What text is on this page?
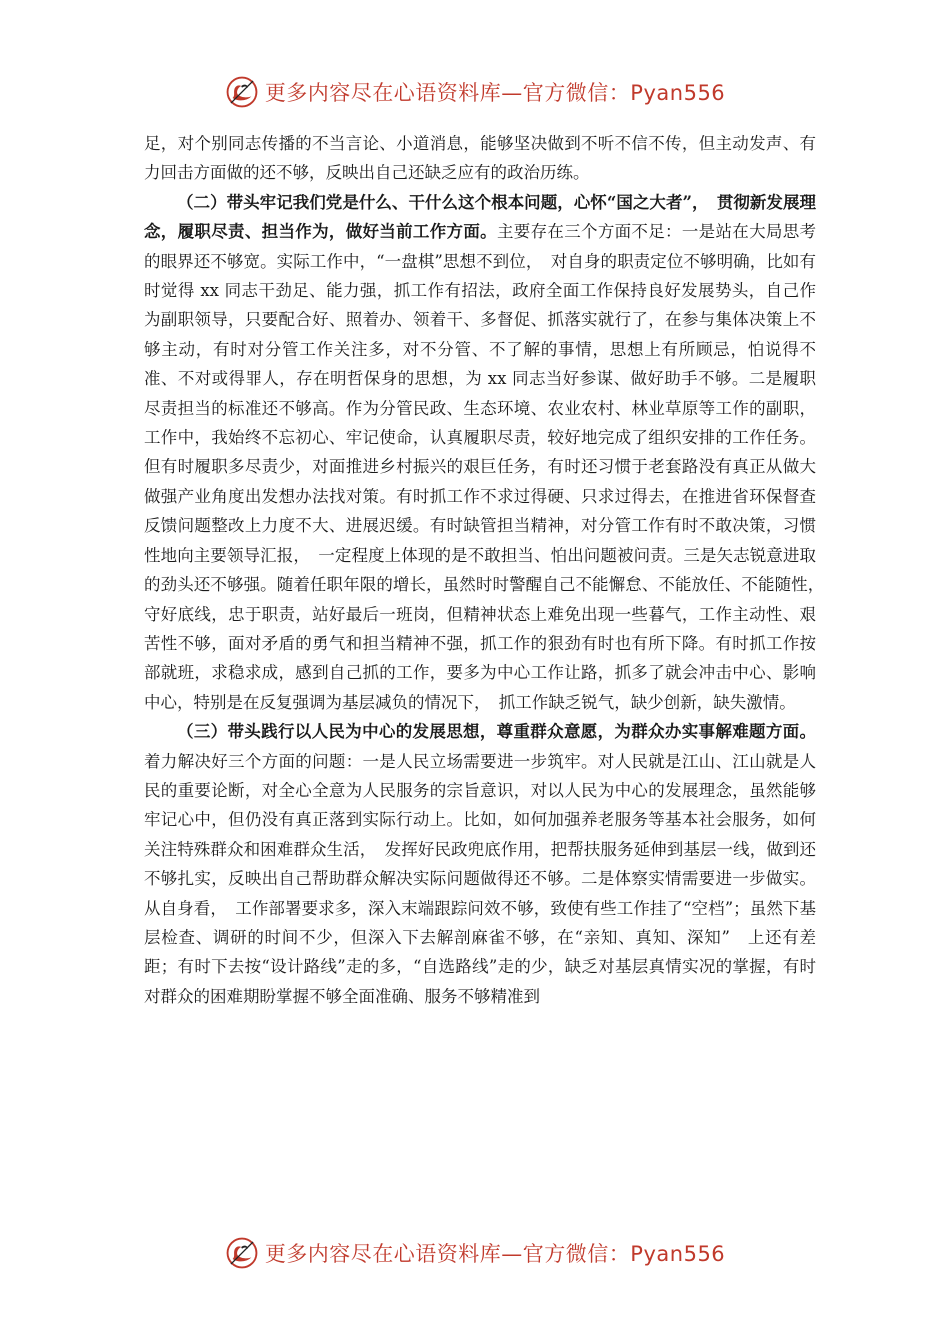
更多内容尽在心语资料库—官方微信：Pyan556

足，对个别同志传播的不当言论、小道消息，能够坚决做到不听不信不传，但主动发声、有力回击方面做的还不够，反映出自己还缺乏应有的政治历练。

（二）带头牢记我们党是什么、干什么这个根本问题，心怀“国之大者”，　贯彻新发展理念，履职尽责、担当作为，做好当前工作方面。主要存在三个方面不足：一是站在大局思考的眼界还不够宽。实际工作中，“一盘棋”思想不到位，　对自身的职责定位不够明确，比如有时觉得 xx 同志干劲足、能力强，抓工作有招法，政府全面工作保持良好发展势头，自己作为副职领导，只要配合好、照着办、领着干、多督促、抓落实就行了，在参与集体决策上不够主动，有时对分管工作关注多，对不分管、不了解的事情，思想上有所顾忌，怕说得不准、不对或得罪人，存在明哲保身的思想，为 xx 同志当好参谋、做好助手不够。二是履职尽责担当的标准还不够高。作为分管民政、生态环境、农业农村、林业草原等工作的副职，工作中，我始终不忘初心、牢记使命，认真履职尽责，较好地完成了组织安排的工作任务。但有时履职多尽责少，对面推进乡村振兴的艰巨任务，有时还习惯于老套路没有真正从做大做强产业角度出发想办法找对策。有时抓工作不求过得硬、只求过得去，在推进省环保督查反馈问题整改上力度不大、进展迟缓。有时缺管担当精神，对分管工作有时不敢决策，习惯性地向主要领导汇报，　一定程度上体现的是不敢担当、怕出问题被问责。三是矢志锐意进取的劲头还不够强。随着任职年限的增长，虽然时时警醒自己不能懈怠、不能放任、不能随性，　守好底线，忠于职责，站好最后一班岗，但精神状态上难免出现一些暮气，工作主动性、艰苦性不够，面对矛盾的勇气和担当精神不强，抓工作的狠劲有时也有所下降。有时抓工作按部就班，求稳求成，感到自己抓的工作，要多为中心工作让路，抓多了就会冲击中心、影响中心，特别是在反复强调为基层减负的情况下，　抓工作缺乏锐气，缺少创新，缺失激情。

（三）带头践行以人民为中心的发展思想，尊重群众意愿，为群众办实事解难题方面。着力解决好三个方面的问题：一是人民立场需要进一步筑牢。对人民就是江山、江山就是人民的重要论断，对全心全意为人民服务的宗旨意识，对以人民为中心的发展理念，虽然能够牢记心中，但仍没有真正落到实际行动上。比如，如何加强养老服务等基本社会服务，如何关注特殊群众和困难群众生活，　发挥好民政兜底作用，把帮扶服务延伸到基层一线，做到还不够扎实，反映出自己帮助群众解决实际问题做得还不够。二是体察实情需要进一步做实。从自身看，　工作部署要求多，深入末端跟踪问效不够，致使有些工作挂了“空档”；虽然下基层检查、调研的时间不少，但深入下去解剖麻雀不够，在“亲知、真知、深知”　上还有差距；有时下去按“设计路线”走的多，“自选路线”走的少，缺乏对基层真情实况的掌握，有时对群众的困难期盼掌握不够全面准确、服务不够精准到

更多内容尽在心语资料库—官方微信：Pyan556
